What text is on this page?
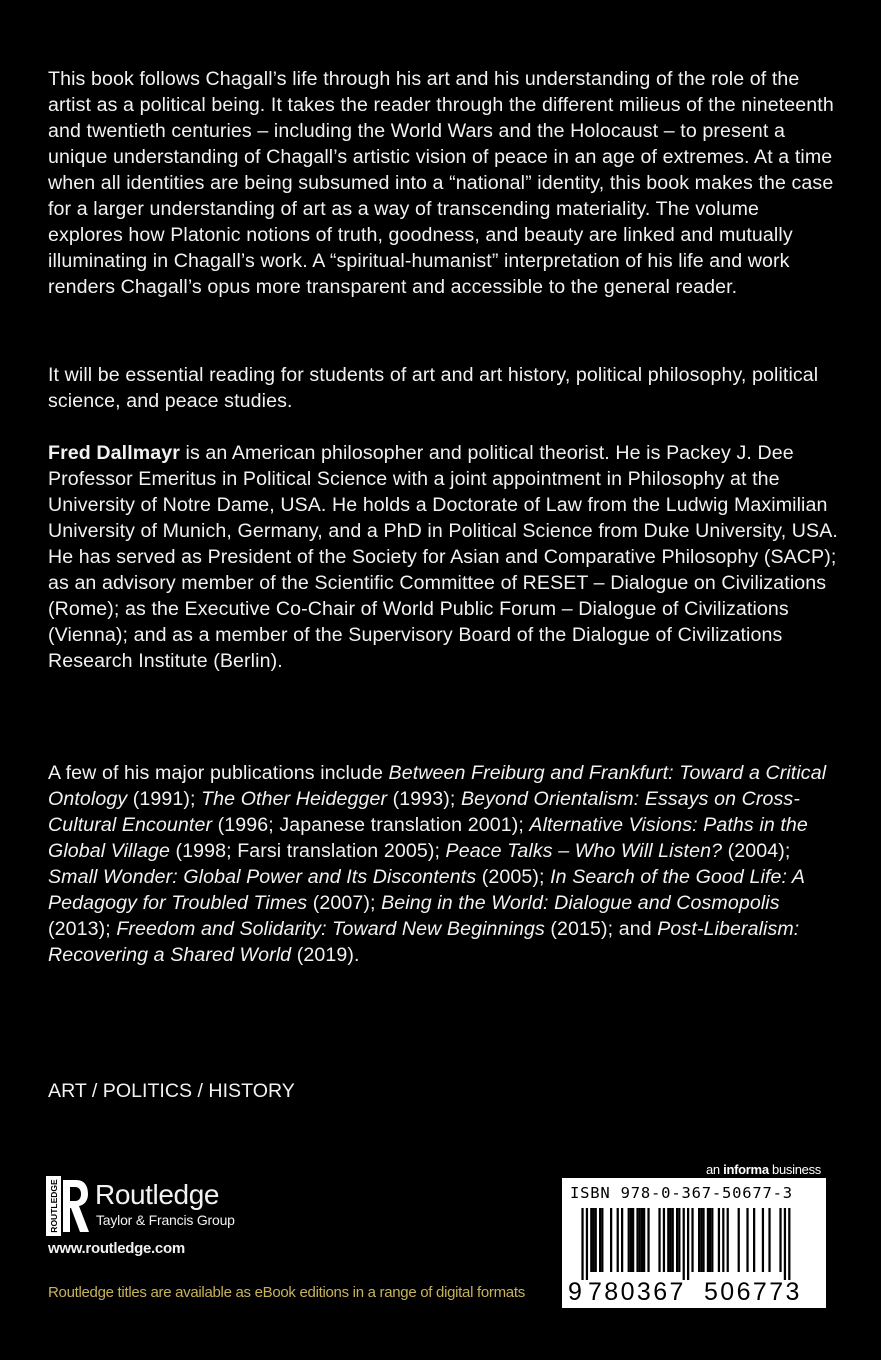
This book follows Chagall’s life through his art and his understanding of the role of the artist as a political being. It takes the reader through the different milieus of the nineteenth and twentieth centuries – including the World Wars and the Holocaust – to present a unique understanding of Chagall’s artistic vision of peace in an age of extremes. At a time when all identities are being subsumed into a “national” identity, this book makes the case for a larger understanding of art as a way of transcending materiality. The volume explores how Platonic notions of truth, goodness, and beauty are linked and mutually illuminating in Chagall’s work. A “spiritual-humanist” interpretation of his life and work renders Chagall’s opus more transparent and accessible to the general reader.

It will be essential reading for students of art and art history, political philosophy, political science, and peace studies.

Fred Dallmayr is an American philosopher and political theorist. He is Packey J. Dee Professor Emeritus in Political Science with a joint appointment in Philosophy at the University of Notre Dame, USA. He holds a Doctorate of Law from the Ludwig Maximilian University of Munich, Germany, and a PhD in Political Science from Duke University, USA. He has served as President of the Society for Asian and Comparative Philosophy (SACP); as an advisory member of the Scientific Committee of RESET – Dialogue on Civilizations (Rome); as the Executive Co-Chair of World Public Forum – Dialogue of Civilizations (Vienna); and as a member of the Supervisory Board of the Dialogue of Civilizations Research Institute (Berlin).

A few of his major publications include Between Freiburg and Frankfurt: Toward a Critical Ontology (1991); The Other Heidegger (1993); Beyond Orientalism: Essays on Cross-Cultural Encounter (1996; Japanese translation 2001); Alternative Visions: Paths in the Global Village (1998; Farsi translation 2005); Peace Talks – Who Will Listen? (2004); Small Wonder: Global Power and Its Discontents (2005); In Search of the Good Life: A Pedagogy for Troubled Times (2007); Being in the World: Dialogue and Cosmopolis (2013); Freedom and Solidarity: Toward New Beginnings (2015); and Post-Liberalism: Recovering a Shared World (2019).

ART / POLITICS / HISTORY
ROUTLEDGE Routledge
Taylor & Francis Group
www.routledge.com
Routledge titles are available as eBook editions in a range of digital formats
an informa business
ISBN 978-0-367-50677-3
9 780367 506773
